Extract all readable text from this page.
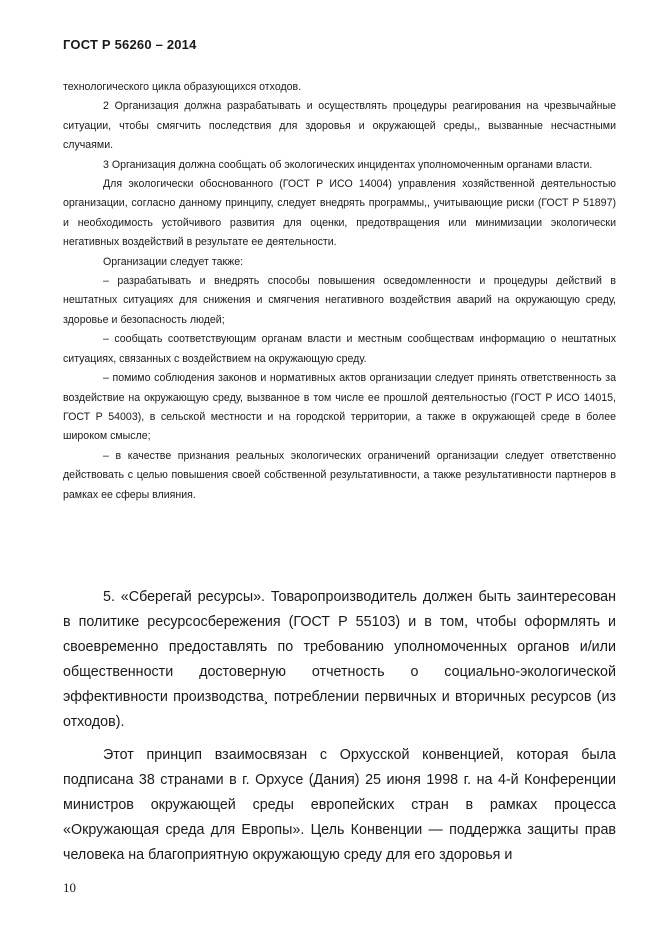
ГОСТ Р 56260 – 2014

технологического цикла образующихся отходов.

2 Организация должна разрабатывать и осуществлять процедуры реагирования на чрезвычайные ситуации, чтобы смягчить последствия для здоровья и окружающей среды,, вызванные несчастными случаями.

3 Организация должна сообщать об экологических инцидентах уполномоченным органами власти.

Для экологически обоснованного (ГОСТ Р ИСО 14004) управления хозяйственной деятельностью организации, согласно данному принципу, следует внедрять программы,, учитывающие риски (ГОСТ Р 51897) и необходимость устойчивого развития для оценки, предотвращения или минимизации экологически негативных воздействий в результате ее деятельности.

Организации следует также:

– разрабатывать и внедрять способы повышения осведомленности и процедуры действий в нештатных ситуациях для снижения и смягчения негативного воздействия аварий на окружающую среду, здоровье и безопасность людей;

– сообщать соответствующим органам власти и местным сообществам информацию о нештатных ситуациях, связанных с воздействием на окружающую среду.

– помимо соблюдения законов и нормативных актов организации следует принять ответственность за воздействие на окружающую среду, вызванное в том числе ее прошлой деятельностью (ГОСТ Р ИСО 14015, ГОСТ Р 54003), в сельской местности и на городской территории, а также в окружающей среде в более широком смысле;

– в качестве признания реальных экологических ограничений организации следует ответственно действовать с целью повышения своей собственной результативности, а также результативности партнеров в рамках ее сферы влияния.

5. «Сберегай ресурсы». Товаропроизводитель должен быть заинтересован в политике ресурсосбережения (ГОСТ Р 55103) и в том, чтобы оформлять и своевременно предоставлять по требованию уполномоченных органов и/или общественности достоверную отчетность о социально-экологической эффективности производства¸ потреблении первичных и вторичных ресурсов (из отходов).

Этот принцип взаимосвязан с Орхусской конвенцией, которая была подписана 38 странами в г. Орхусе (Дания) 25 июня 1998 г. на 4-й Конференции министров окружающей среды европейских стран в рамках процесса «Окружающая среда для Европы». Цель Конвенции — поддержка защиты прав человека на благоприятную окружающую среду для его здоровья и

10
